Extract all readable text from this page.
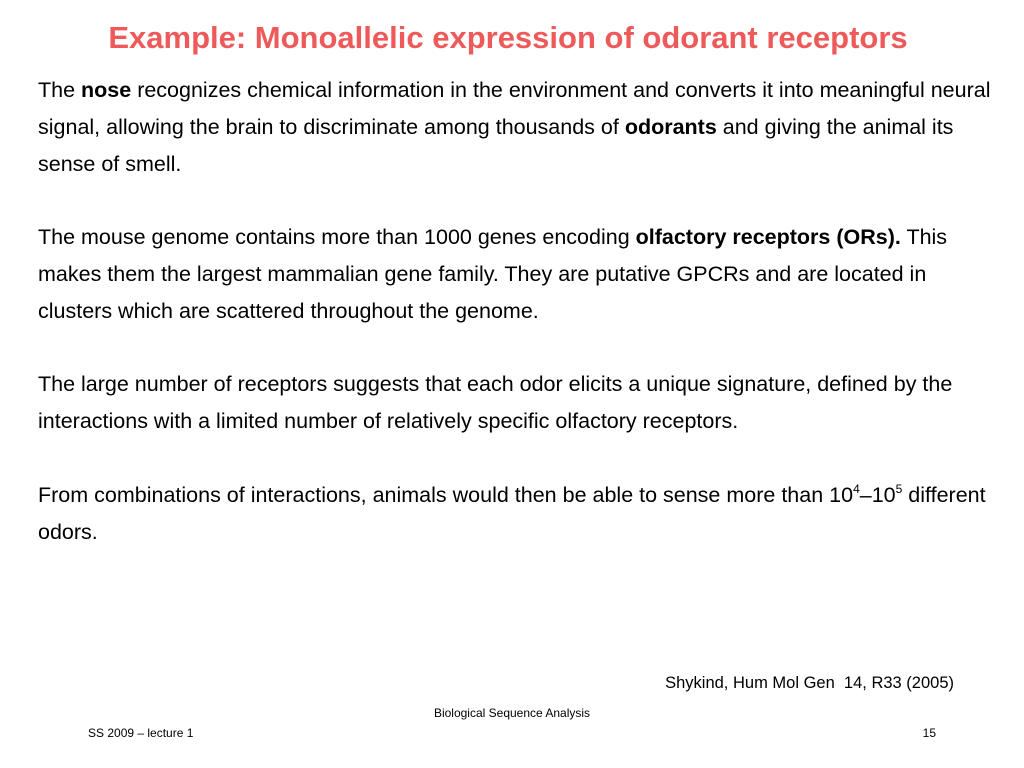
Example: Monoallelic expression of odorant receptors

The nose recognizes chemical information in the environment and converts it into meaningful neural signal, allowing the brain to discriminate among thousands of odorants and giving the animal its sense of smell.

The mouse genome contains more than 1000 genes encoding olfactory receptors (ORs). This makes them the largest mammalian gene family. They are putative GPCRs and are located in clusters which are scattered throughout the genome.

The large number of receptors suggests that each odor elicits a unique signature, defined by the interactions with a limited number of relatively specific olfactory receptors.

From combinations of interactions, animals would then be able to sense more than $10^4-10^5$ different odors.

Shykind, Hum Mol Gen  14, R33 (2005)
Biological Sequence Analysis
SS 2009 – lecture 1	15
